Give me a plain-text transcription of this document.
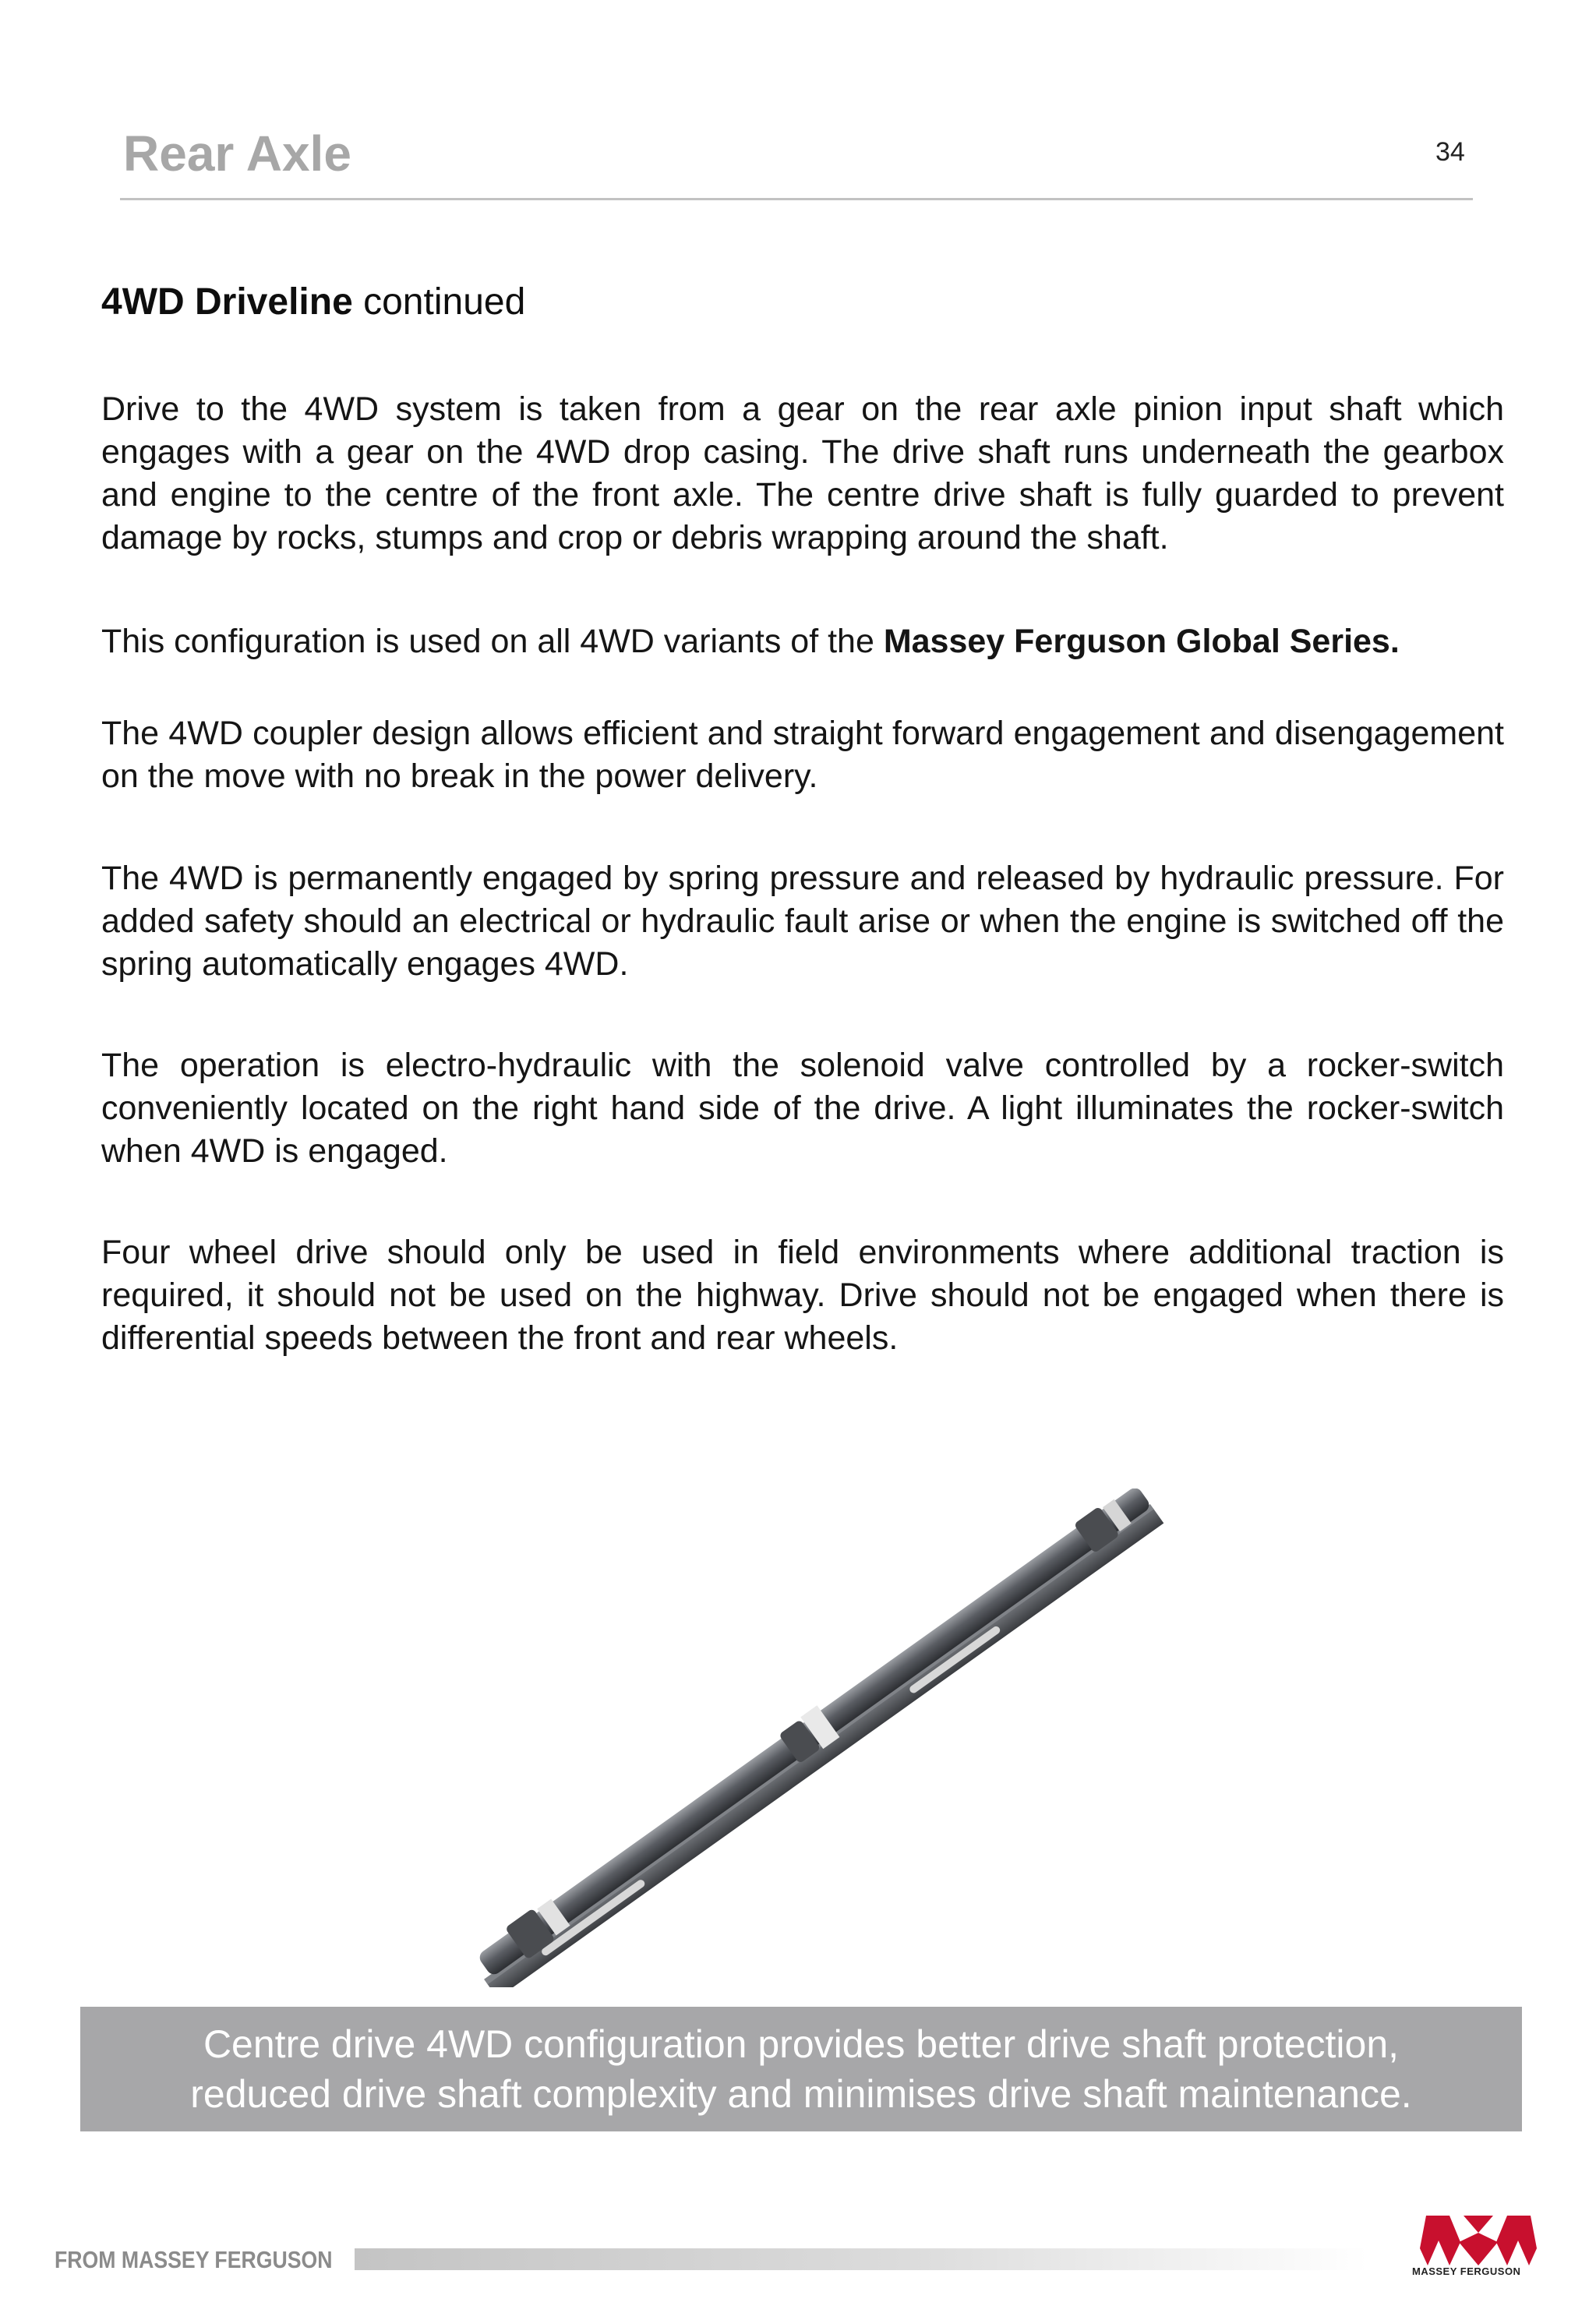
Rear Axle	34
4WD Driveline continued

Drive to the 4WD system is taken from a gear on the rear axle pinion input shaft which engages with a gear on the 4WD drop casing. The drive shaft runs underneath the gearbox and engine to the centre of the front axle. The centre drive shaft is fully guarded to prevent damage by rocks, stumps and crop or debris wrapping around the shaft.

This configuration is used on all 4WD variants of the Massey Ferguson Global Series.

The 4WD coupler design allows efficient and straight forward engagement and disengagement on the move with no break in the power delivery.

The 4WD is permanently engaged by spring pressure and released by hydraulic pressure. For added safety should an electrical or hydraulic fault arise or when the engine is switched off the spring automatically engages 4WD.

The operation is electro-hydraulic with the solenoid valve controlled by a rocker-switch conveniently located on the right hand side of the drive. A light illuminates the rocker-switch when 4WD is engaged.

Four wheel drive should only be used in field environments where additional traction is required, it should not be used on the highway. Drive should not be engaged when there is differential speeds between the front and rear wheels.

Centre drive 4WD configuration provides better drive shaft protection,
reduced drive shaft complexity and minimises drive shaft maintenance.
FROM MASSEY FERGUSON	MASSEY FERGUSON
